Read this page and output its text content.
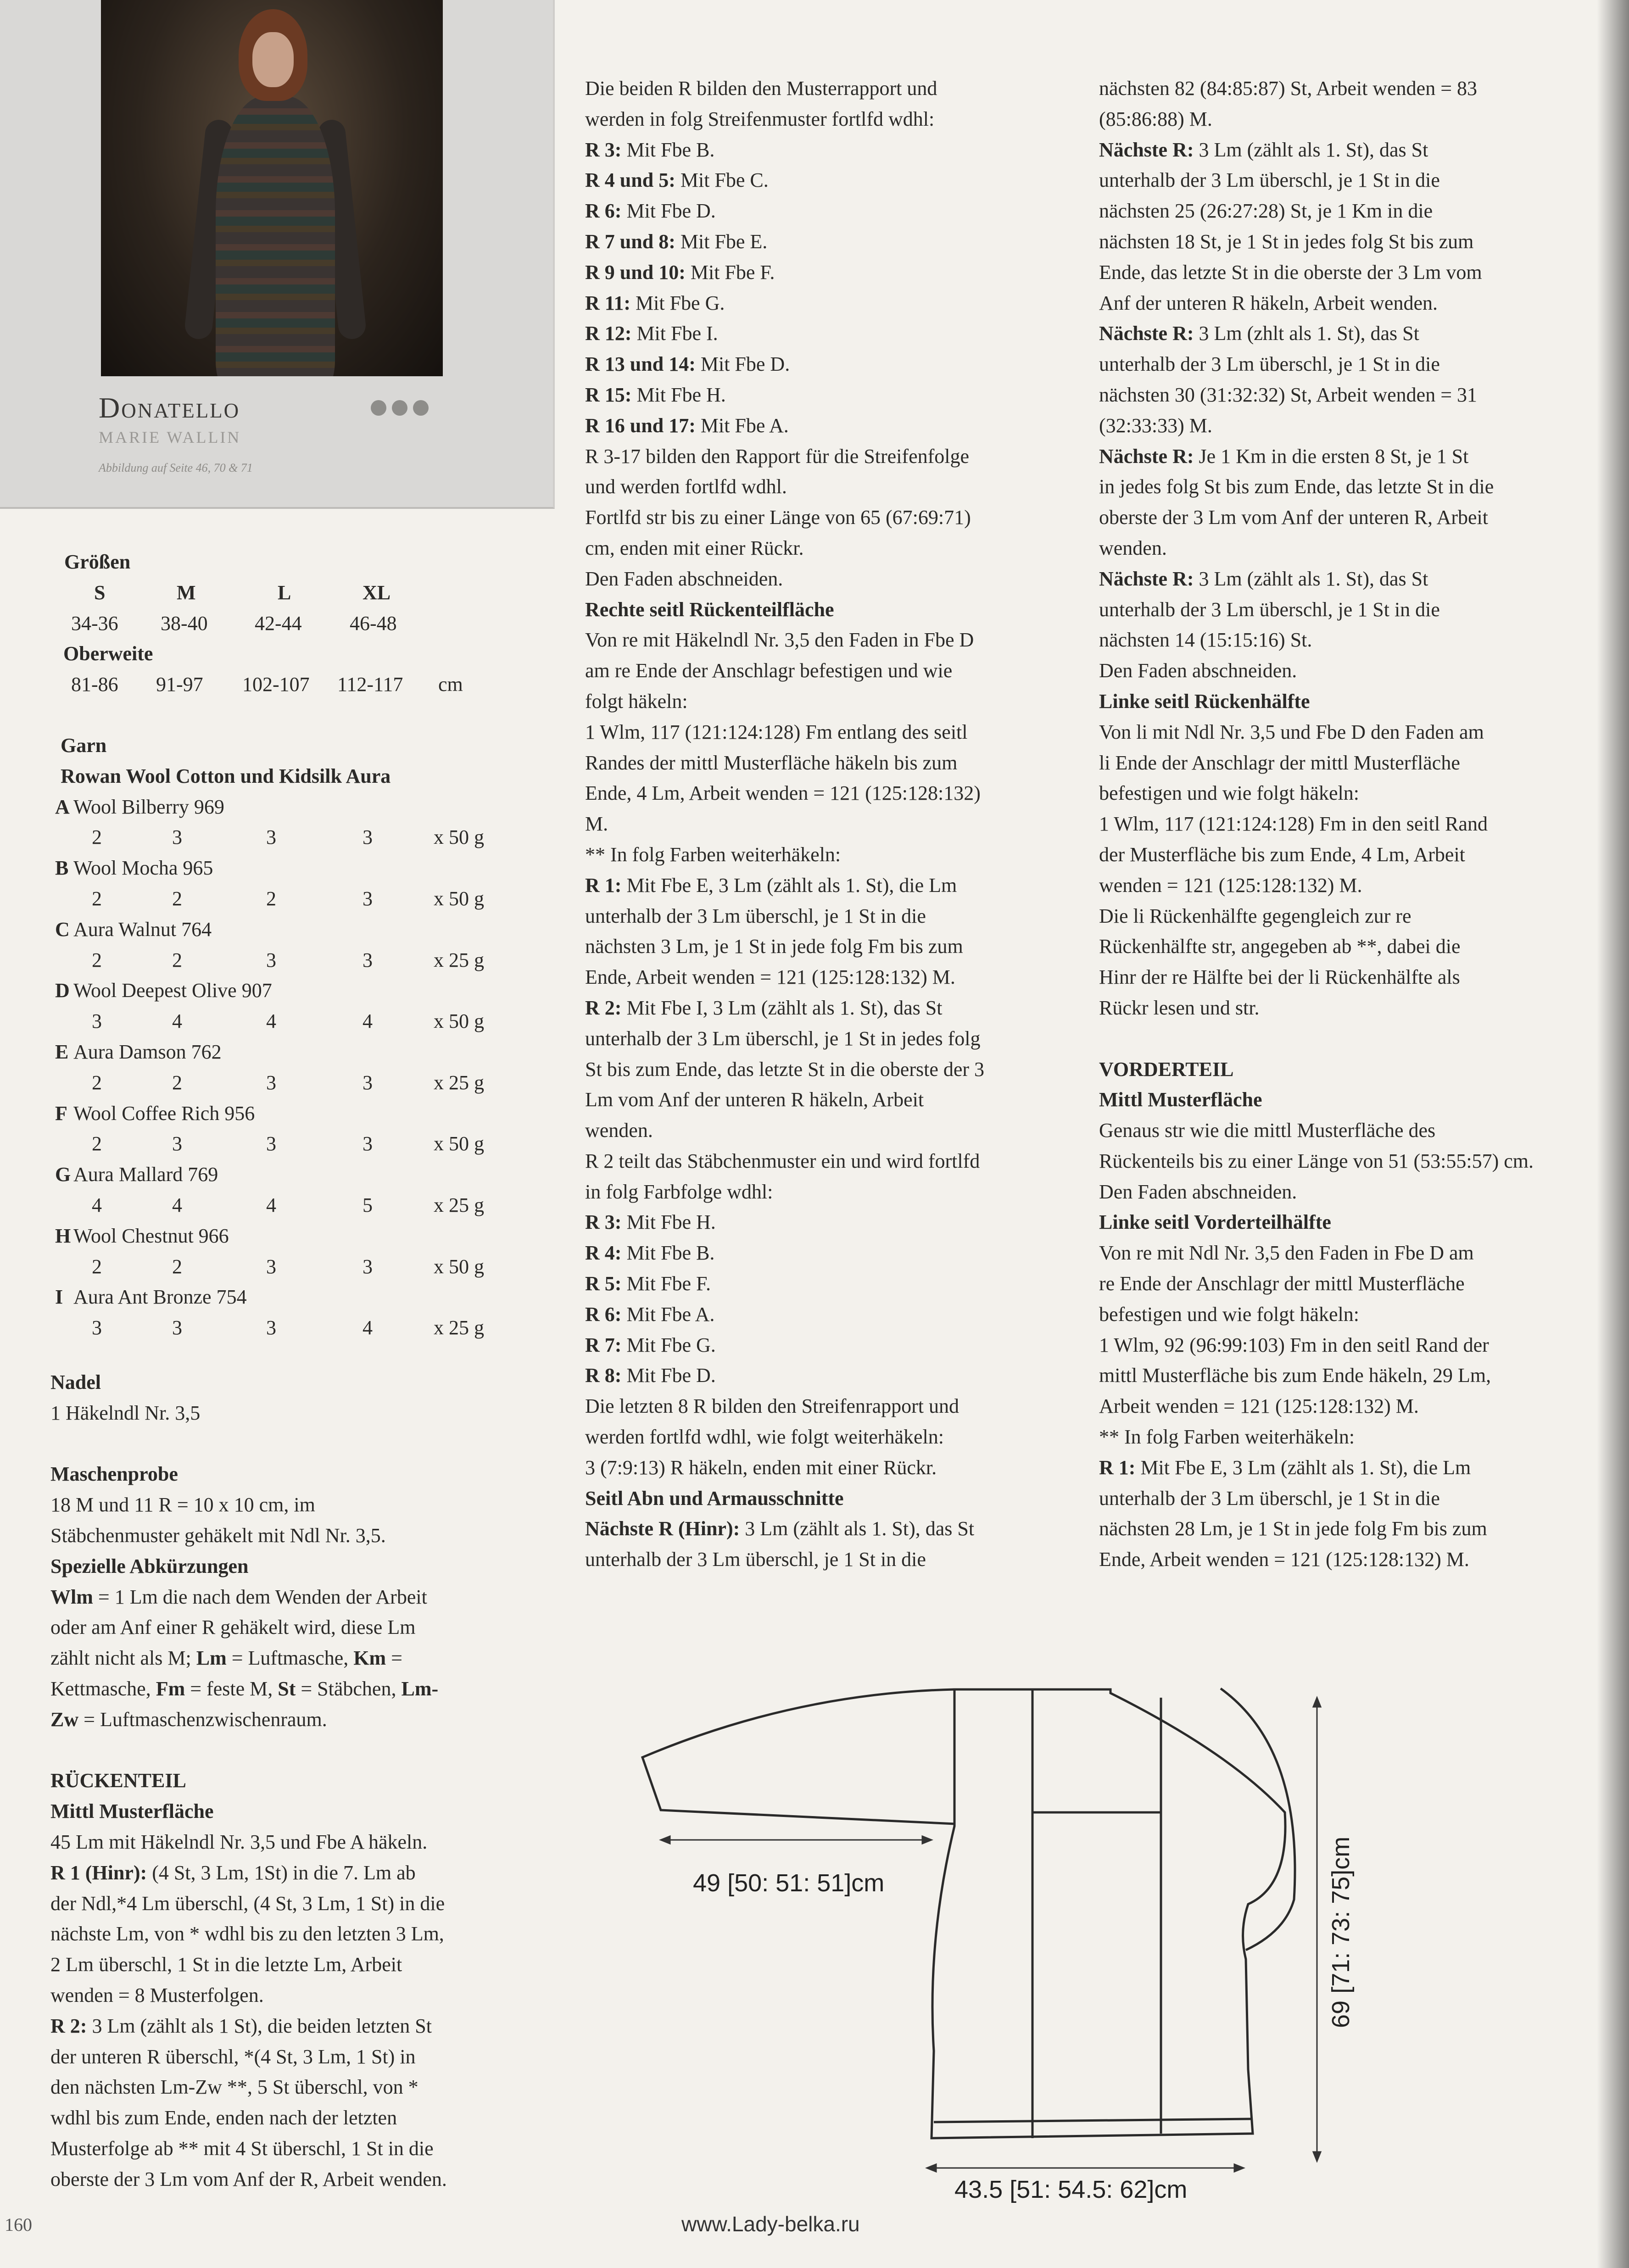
Donatello
MARIE WALLIN
Abbildung auf Seite 46, 70 & 71
Größen
S	M	L	XL
34-36 38-40 42-44 46-48
Oberweite
81-86 91-97 102-107 112-117 cm
Garn
Rowan Wool Cotton und Kidsilk Aura
A Wool Bilberry 969
2	3	3	3	x 50 g
B Wool Mocha 965
2	2	2	3	x 50 g
C Aura Walnut 764
2	2	3	3	x 25 g
D Wool Deepest Olive 907
3	4	4	4	x 50 g
E Aura Damson 762
2	2	3	3	x 25 g
F Wool Coffee Rich 956
2	3	3	3	x 50 g
G Aura Mallard 769
4	4	4	5	x 25 g
H Wool Chestnut 966
2	2	3	3	x 50 g
I Aura Ant Bronze 754
3	3	3	4	x 25 g
Nadel
1 Häkelndl Nr. 3,5
Maschenprobe
18 M und 11 R = 10 x 10 cm, im
Stäbchenmuster gehäkelt mit Ndl Nr. 3,5.
Spezielle Abkürzungen
Wlm = 1 Lm die nach dem Wenden der Arbeit
oder am Anf einer R gehäkelt wird, diese Lm
zählt nicht als M; Lm = Luftmasche, Km =
Kettmasche, Fm = feste M, St = Stäbchen, Lm-
Zw = Luftmaschenzwischenraum.
RÜCKENTEIL
Mittl Musterfläche
45 Lm mit Häkelndl Nr. 3,5 und Fbe A häkeln.
R 1 (Hinr): (4 St, 3 Lm, 1St) in die 7. Lm ab
der Ndl,*4 Lm überschl, (4 St, 3 Lm, 1 St) in die
nächste Lm, von * wdhl bis zu den letzten 3 Lm,
2 Lm überschl, 1 St in die letzte Lm, Arbeit
wenden = 8 Musterfolgen.
R 2: 3 Lm (zählt als 1 St), die beiden letzten St
der unteren R überschl, *(4 St, 3 Lm, 1 St) in
den nächsten Lm-Zw **, 5 St überschl, von *
wdhl bis zum Ende, enden nach der letzten
Musterfolge ab ** mit 4 St überschl, 1 St in die
oberste der 3 Lm vom Anf der R, Arbeit wenden.
Die beiden R bilden den Musterrapport und
werden in folg Streifenmuster fortlfd wdhl:
R 3: Mit Fbe B.
R 4 und 5: Mit Fbe C.
R 6: Mit Fbe D.
R 7 und 8: Mit Fbe E.
R 9 und 10: Mit Fbe F.
R 11: Mit Fbe G.
R 12: Mit Fbe I.
R 13 und 14: Mit Fbe D.
R 15: Mit Fbe H.
R 16 und 17: Mit Fbe A.
R 3-17 bilden den Rapport für die Streifenfolge
und werden fortlfd wdhl.
Fortlfd str bis zu einer Länge von 65 (67:69:71)
cm, enden mit einer Rückr.
Den Faden abschneiden.
Rechte seitl Rückenteilfläche
Von re mit Häkelndl Nr. 3,5 den Faden in Fbe D
am re Ende der Anschlagr befestigen und wie
folgt häkeln:
1 Wlm, 117 (121:124:128) Fm entlang des seitl
Randes der mittl Musterfläche häkeln bis zum
Ende, 4 Lm, Arbeit wenden = 121 (125:128:132)
M.
** In folg Farben weiterhäkeln:
R 1: Mit Fbe E, 3 Lm (zählt als 1. St), die Lm
unterhalb der 3 Lm überschl, je 1 St in die
nächsten 3 Lm, je 1 St in jede folg Fm bis zum
Ende, Arbeit wenden = 121 (125:128:132) M.
R 2: Mit Fbe I, 3 Lm (zählt als 1. St), das St
unterhalb der 3 Lm überschl, je 1 St in jedes folg
St bis zum Ende, das letzte St in die oberste der 3
Lm vom Anf der unteren R häkeln, Arbeit
wenden.
R 2 teilt das Stäbchenmuster ein und wird fortlfd
in folg Farbfolge wdhl:
R 3: Mit Fbe H.
R 4: Mit Fbe B.
R 5: Mit Fbe F.
R 6: Mit Fbe A.
R 7: Mit Fbe G.
R 8: Mit Fbe D.
Die letzten 8 R bilden den Streifenrapport und
werden fortlfd wdhl, wie folgt weiterhäkeln:
3 (7:9:13) R häkeln, enden mit einer Rückr.
Seitl Abn und Armausschnitte
Nächste R (Hinr): 3 Lm (zählt als 1. St), das St
unterhalb der 3 Lm überschl, je 1 St in die
nächsten 82 (84:85:87) St, Arbeit wenden = 83
(85:86:88) M.
Nächste R: 3 Lm (zählt als 1. St), das St
unterhalb der 3 Lm überschl, je 1 St in die
nächsten 25 (26:27:28) St, je 1 Km in die
nächsten 18 St, je 1 St in jedes folg St bis zum
Ende, das letzte St in die oberste der 3 Lm vom
Anf der unteren R häkeln, Arbeit wenden.
Nächste R: 3 Lm (zhlt als 1. St), das St
unterhalb der 3 Lm überschl, je 1 St in die
nächsten 30 (31:32:32) St, Arbeit wenden = 31
(32:33:33) M.
Nächste R: Je 1 Km in die ersten 8 St, je 1 St
in jedes folg St bis zum Ende, das letzte St in die
oberste der 3 Lm vom Anf der unteren R, Arbeit
wenden.
Nächste R: 3 Lm (zählt als 1. St), das St
unterhalb der 3 Lm überschl, je 1 St in die
nächsten 14 (15:15:16) St.
Den Faden abschneiden.
Linke seitl Rückenhälfte
Von li mit Ndl Nr. 3,5 und Fbe D den Faden am
li Ende der Anschlagr der mittl Musterfläche
befestigen und wie folgt häkeln:
1 Wlm, 117 (121:124:128) Fm in den seitl Rand
der Musterfläche bis zum Ende, 4 Lm, Arbeit
wenden = 121 (125:128:132) M.
Die li Rückenhälfte gegengleich zur re
Rückenhälfte str, angegeben ab **, dabei die
Hinr der re Hälfte bei der li Rückenhälfte als
Rückr lesen und str.
VORDERTEIL
Mittl Musterfläche
Genaus str wie die mittl Musterfläche des
Rückenteils bis zu einer Länge von 51 (53:55:57) cm.
Den Faden abschneiden.
Linke seitl Vorderteilhälfte
Von re mit Ndl Nr. 3,5 den Faden in Fbe D am
re Ende der Anschlagr der mittl Musterfläche
befestigen und wie folgt häkeln:
1 Wlm, 92 (96:99:103) Fm in den seitl Rand der
mittl Musterfläche bis zum Ende häkeln, 29 Lm,
Arbeit wenden = 121 (125:128:132) M.
** In folg Farben weiterhäkeln:
R 1: Mit Fbe E, 3 Lm (zählt als 1. St), die Lm
unterhalb der 3 Lm überschl, je 1 St in die
nächsten 28 Lm, je 1 St in jede folg Fm bis zum
Ende, Arbeit wenden = 121 (125:128:132) M.
49 [50: 51: 51]cm	69 [71: 73: 75]cm
43.5 [51: 54.5: 62]cm
160	www.Lady-belka.ru
